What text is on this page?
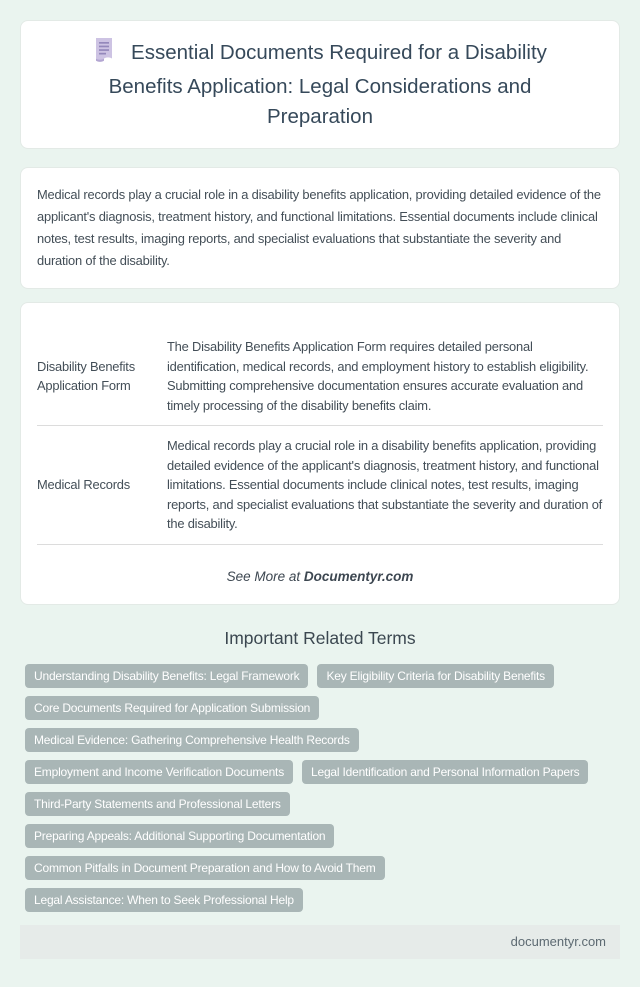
Essential Documents Required for a Disability Benefits Application: Legal Considerations and Preparation

Medical records play a crucial role in a disability benefits application, providing detailed evidence of the applicant's diagnosis, treatment history, and functional limitations. Essential documents include clinical notes, test results, imaging reports, and specialist evaluations that substantiate the severity and duration of the disability.

Disability Benefits Application Form	The Disability Benefits Application Form requires detailed personal identification, medical records, and employment history to establish eligibility. Submitting comprehensive documentation ensures accurate evaluation and timely processing of the disability benefits claim.
Medical Records	Medical records play a crucial role in a disability benefits application, providing detailed evidence of the applicant's diagnosis, treatment history, and functional limitations. Essential documents include clinical notes, test results, imaging reports, and specialist evaluations that substantiate the severity and duration of the disability.
See More at Documentyr.com
Important Related Terms
Understanding Disability Benefits: Legal Framework	Key Eligibility Criteria for Disability Benefits
Core Documents Required for Application Submission
Medical Evidence: Gathering Comprehensive Health Records
Employment and Income Verification Documents	Legal Identification and Personal Information Papers
Third-Party Statements and Professional Letters
Preparing Appeals: Additional Supporting Documentation
Common Pitfalls in Document Preparation and How to Avoid Them
Legal Assistance: When to Seek Professional Help
documentyr.com
